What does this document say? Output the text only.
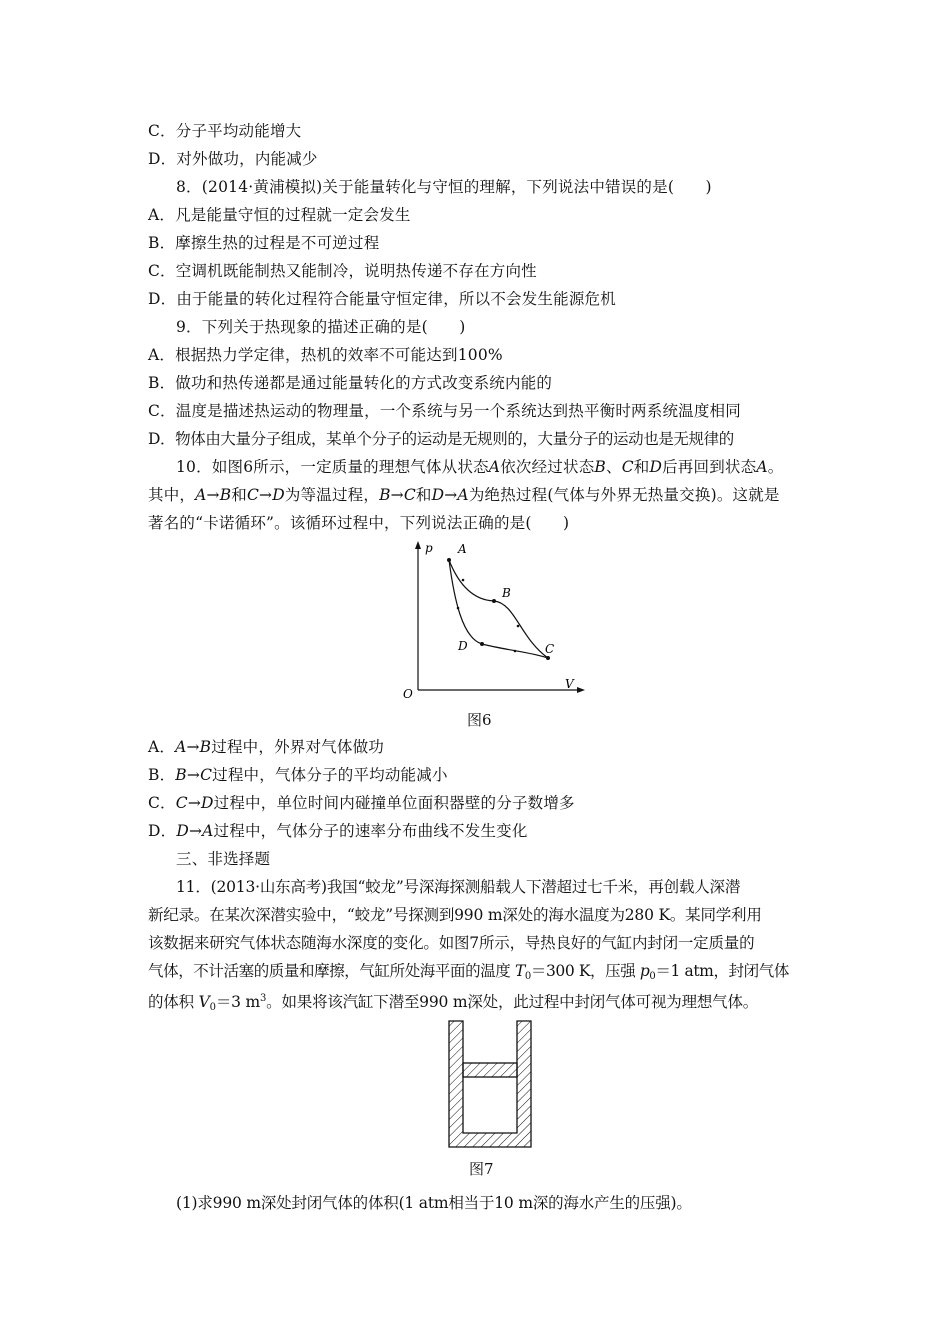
C．分子平均动能增大
D．对外做功，内能减少
8．(2014·黄浦模拟)关于能量转化与守恒的理解，下列说法中错误的是(　　)
A．凡是能量守恒的过程就一定会发生
B．摩擦生热的过程是不可逆过程
C．空调机既能制热又能制冷，说明热传递不存在方向性
D．由于能量的转化过程符合能量守恒定律，所以不会发生能源危机
9．下列关于热现象的描述正确的是(　　)
A．根据热力学定律，热机的效率不可能达到100%
B．做功和热传递都是通过能量转化的方式改变系统内能的
C．温度是描述热运动的物理量，一个系统与另一个系统达到热平衡时两系统温度相同
D．物体由大量分子组成，某单个分子的运动是无规则的，大量分子的运动也是无规律的
10．如图6所示，一定质量的理想气体从状态A依次经过状态B、C和D后再回到状态A。
其中，A→B和C→D为等温过程，B→C和D→A为绝热过程(气体与外界无热量交换)。这就是
著名的“卡诺循环”。该循环过程中，下列说法正确的是(　　)
p
V
O
A
B
C
D
图6
A．A→B过程中，外界对气体做功
B．B→C过程中，气体分子的平均动能减小
C．C→D过程中，单位时间内碰撞单位面积器壁的分子数增多
D．D→A过程中，气体分子的速率分布曲线不发生变化
三、非选择题
11．(2013·山东高考)我国“蛟龙”号深海探测船载人下潜超过七千米，再创载人深潜
新纪录。在某次深潜实验中，“蛟龙”号探测到990 m深处的海水温度为280 K。某同学利用
该数据来研究气体状态随海水深度的变化。如图7所示，导热良好的气缸内封闭一定质量的
气体，不计活塞的质量和摩擦，气缸所处海平面的温度 $T_0=300$ K，压强 $p_0=1$ atm，封闭气体
的体积 $V_0=3$ $m^3$。如果将该汽缸下潜至990 m深处，此过程中封闭气体可视为理想气体。
图7
(1)求990 m深处封闭气体的体积(1 atm相当于10 m深的海水产生的压强)。
